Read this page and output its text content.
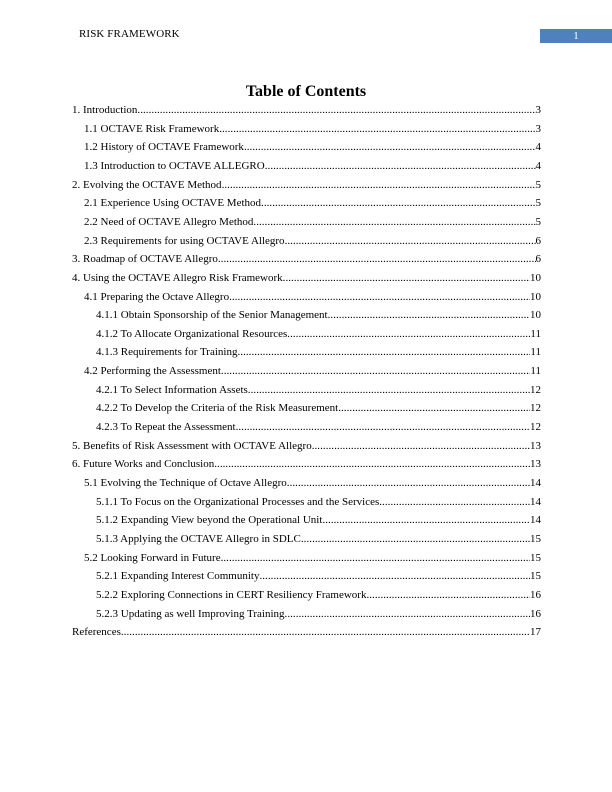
RISK FRAMEWORK	1
Table of Contents
1. Introduction .....	3
1.1 OCTAVE Risk Framework .....	3
1.2 History of OCTAVE Framework .....	4
1.3 Introduction to OCTAVE ALLEGRO .....	4
2. Evolving the OCTAVE Method .....	5
2.1 Experience Using OCTAVE Method .....	5
2.2 Need of OCTAVE Allegro Method .....	5
2.3 Requirements for using OCTAVE Allegro .....	6
3. Roadmap of OCTAVE Allegro .....	6
4. Using the OCTAVE Allegro Risk Framework .....	10
4.1 Preparing the Octave Allegro .....	10
4.1.1 Obtain Sponsorship of the Senior Management .....	10
4.1.2 To Allocate Organizational Resources .....	11
4.1.3 Requirements for Training .....	11
4.2 Performing the Assessment .....	11
4.2.1 To Select Information Assets .....	12
4.2.2 To Develop the Criteria of the Risk Measurement .....	12
4.2.3 To Repeat the Assessment .....	12
5. Benefits of Risk Assessment with OCTAVE Allegro .....	13
6. Future Works and Conclusion .....	13
5.1 Evolving the Technique of Octave Allegro .....	14
5.1.1 To Focus on the Organizational Processes and the Services .....	14
5.1.2 Expanding View beyond the Operational Unit .....	14
5.1.3 Applying the OCTAVE Allegro in SDLC .....	15
5.2 Looking Forward in Future .....	15
5.2.1 Expanding Interest Community .....	15
5.2.2 Exploring Connections in CERT Resiliency Framework .....	16
5.2.3 Updating as well Improving Training .....	16
References .....	17
